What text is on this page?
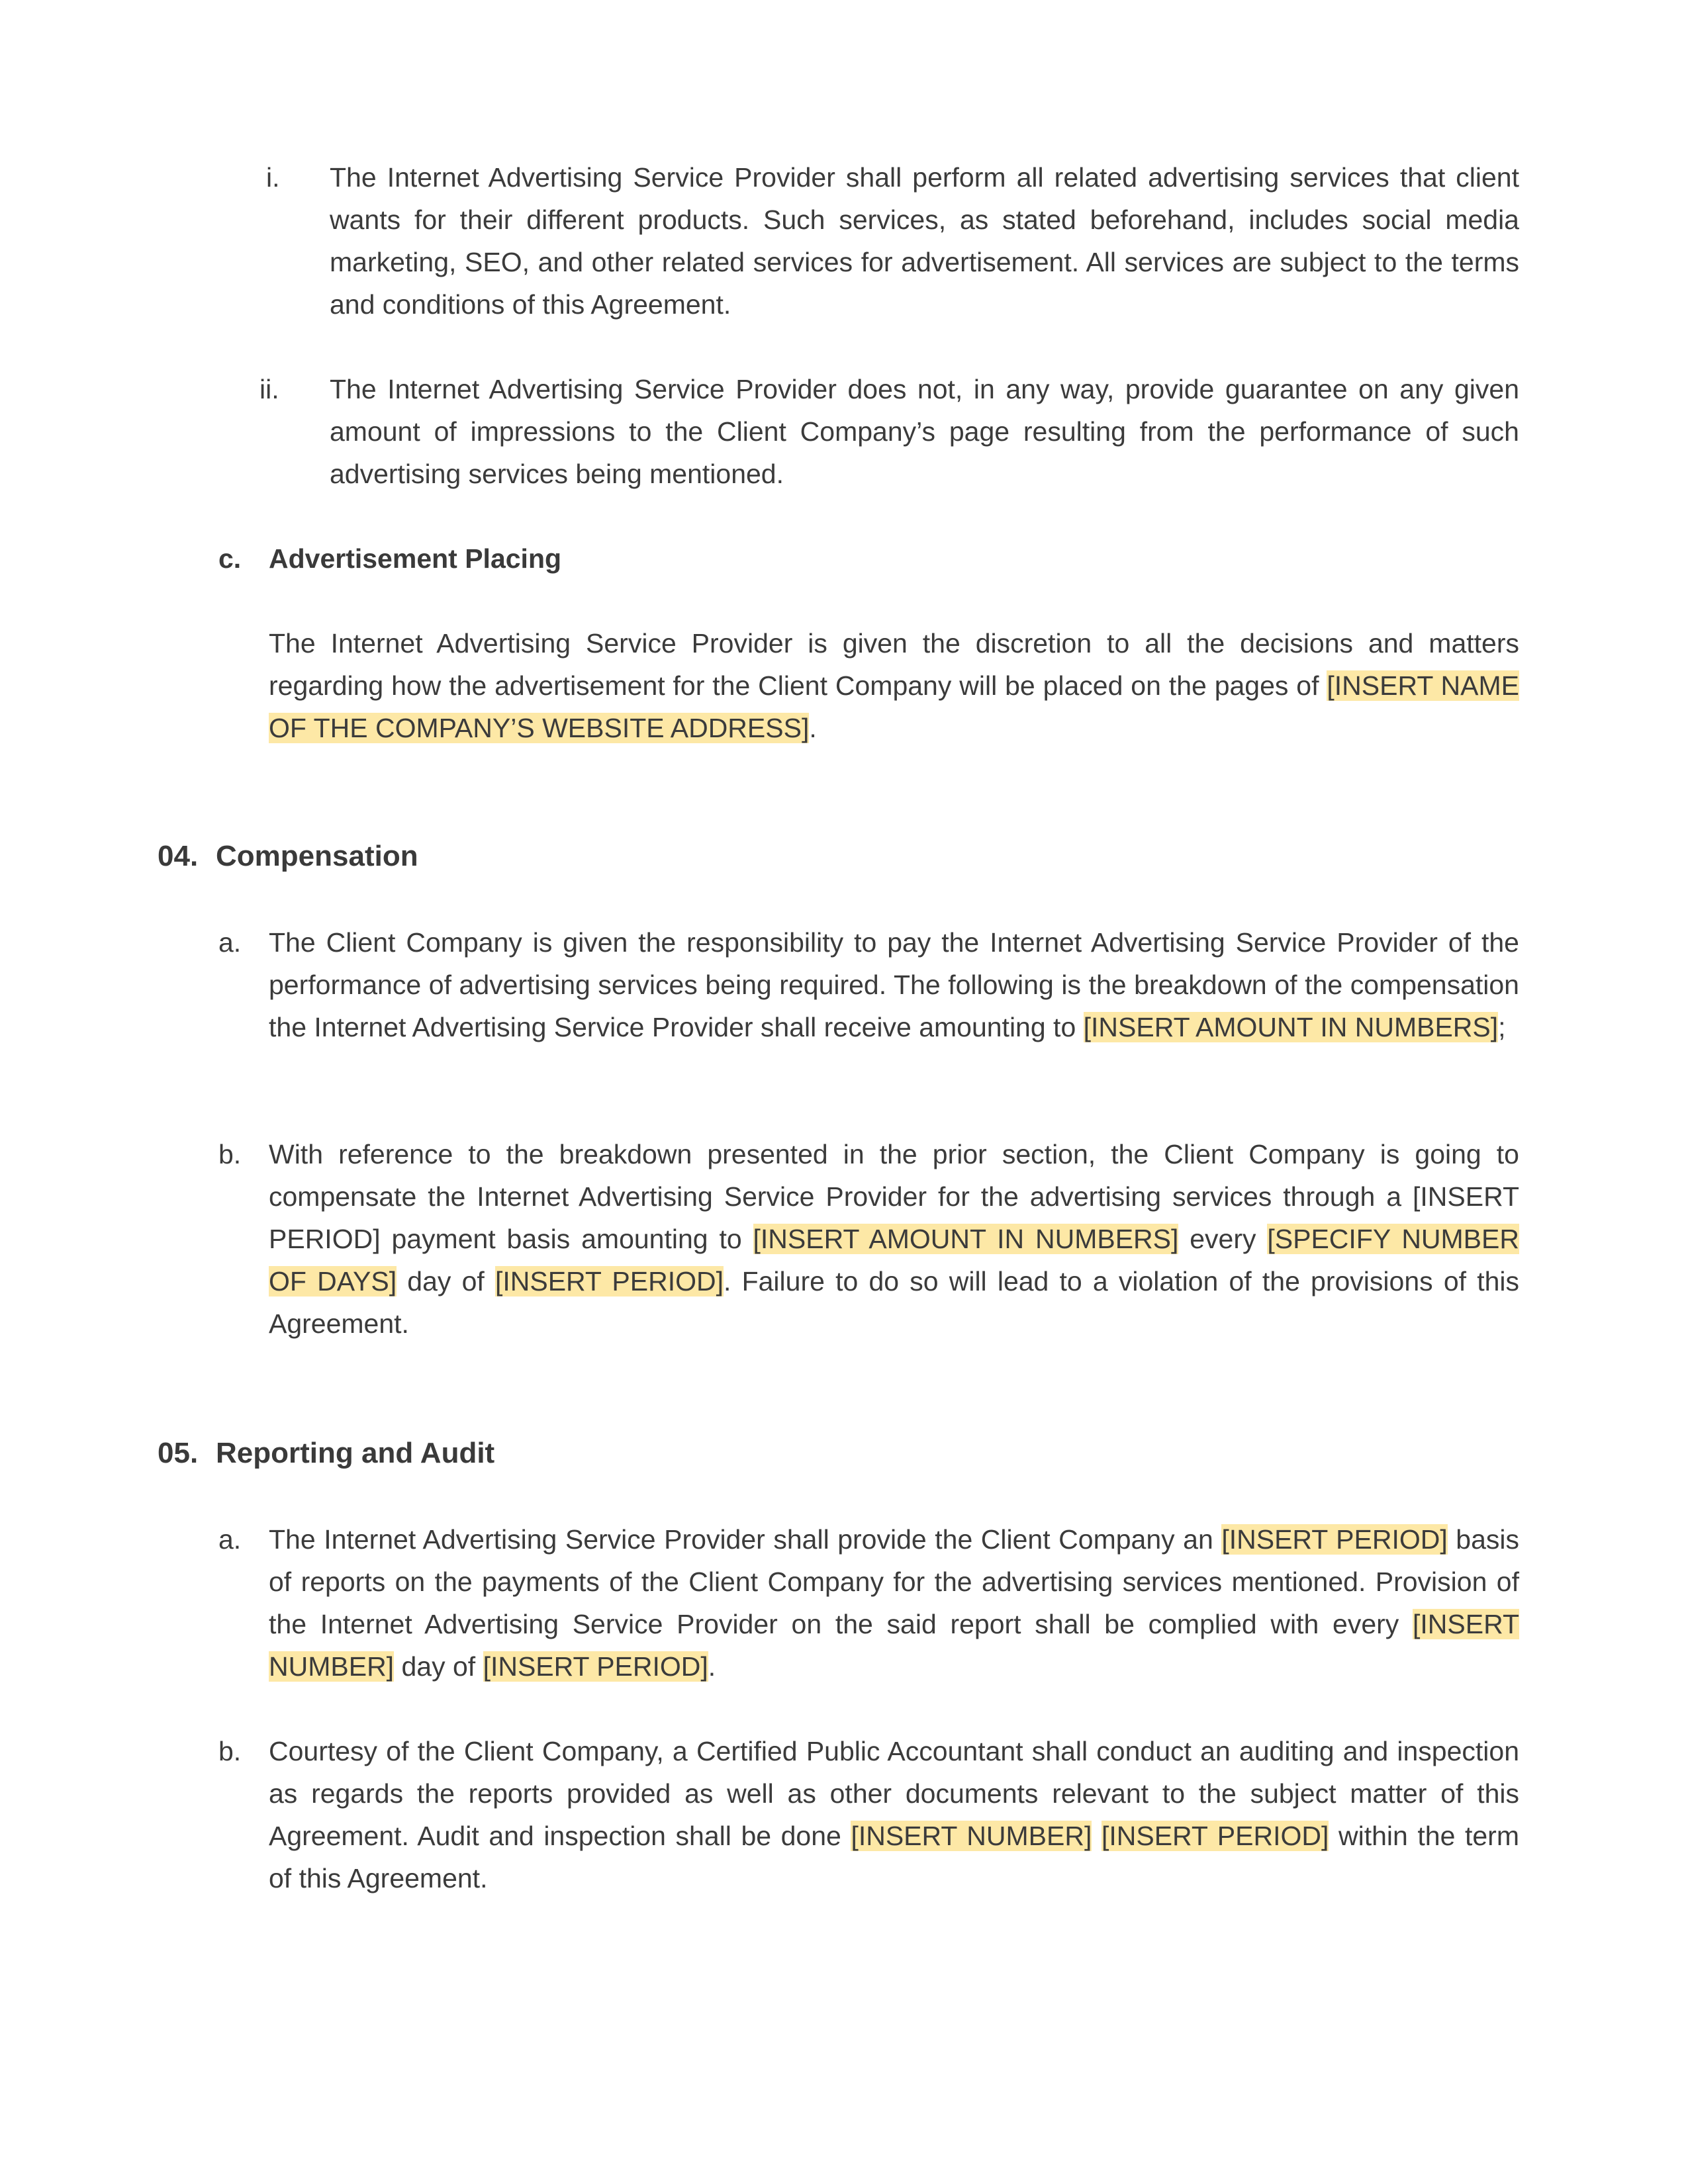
i. The Internet Advertising Service Provider shall perform all related advertising services that client wants for their different products. Such services, as stated beforehand, includes social media marketing, SEO, and other related services for advertisement. All services are subject to the terms and conditions of this Agreement.
ii. The Internet Advertising Service Provider does not, in any way, provide guarantee on any given amount of impressions to the Client Company’s page resulting from the performance of such advertising services being mentioned.
c. Advertisement Placing
The Internet Advertising Service Provider is given the discretion to all the decisions and matters regarding how the advertisement for the Client Company will be placed on the pages of [INSERT NAME OF THE COMPANY’S WEBSITE ADDRESS].
04. Compensation
a. The Client Company is given the responsibility to pay the Internet Advertising Service Provider of the performance of advertising services being required. The following is the breakdown of the compensation the Internet Advertising Service Provider shall receive amounting to [INSERT AMOUNT IN NUMBERS];
b. With reference to the breakdown presented in the prior section, the Client Company is going to compensate the Internet Advertising Service Provider for the advertising services through a [INSERT PERIOD] payment basis amounting to [INSERT AMOUNT IN NUMBERS] every [SPECIFY NUMBER OF DAYS] day of [INSERT PERIOD]. Failure to do so will lead to a violation of the provisions of this Agreement.
05. Reporting and Audit
a. The Internet Advertising Service Provider shall provide the Client Company an [INSERT PERIOD] basis of reports on the payments of the Client Company for the advertising services mentioned. Provision of the Internet Advertising Service Provider on the said report shall be complied with every [INSERT NUMBER] day of [INSERT PERIOD].
b. Courtesy of the Client Company, a Certified Public Accountant shall conduct an auditing and inspection as regards the reports provided as well as other documents relevant to the subject matter of this Agreement. Audit and inspection shall be done [INSERT NUMBER] [INSERT PERIOD] within the term of this Agreement.
